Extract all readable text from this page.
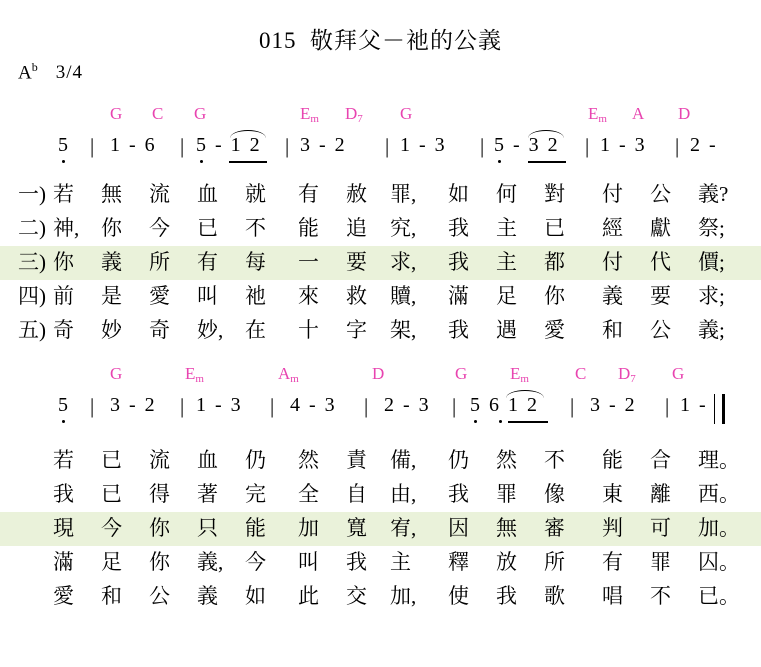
015 敬拜父－祂的公義
$A^b$ 3/4
G C G	$E_m$ $D_7$ G	$E_m$ A D
5 1 - 6 5 - 1 2 3 - 2	1 - 3 5 - 3 2 1 - 3 2 -
|	|	|	|	|	|	|
一) 若 無 流 血 就 有 赦 罪, 如 何 對 付 公 義?
二) 神, 你 今 已 不 能 追 究, 我 主 已 經 獻 祭;
三) 你 義 所 有 每 一 要 求, 我 主 都 付 代 價;
四) 前 是 愛 叫 祂 來 救 贖, 滿 足 你 義 要 求;
五) 奇 妙 奇 妙, 在 十 字 架, 我 遇 愛 和 公 義;
G	$E_m$	$A_m$	D	G	$E_m$	C $D_7$ G
5 3 - 2 1 - 3 4 - 3 2 - 3 5 6 1 2	3 - 2 1 -
|	|	|	|	|	|	|
若 已 流 血 仍 然 責 備, 仍 然 不 能 合 理。
我 已 得 著 完 全 自 由, 我 罪 像 東 離 西。
現 今 你 只 能 加 寬 宥, 因 無 審 判 可 加。
滿 足 你 義, 今 叫 我 主 釋 放 所 有 罪 囚。
愛 和 公 義 如 此 交 加, 使 我 歌 唱 不 已。
